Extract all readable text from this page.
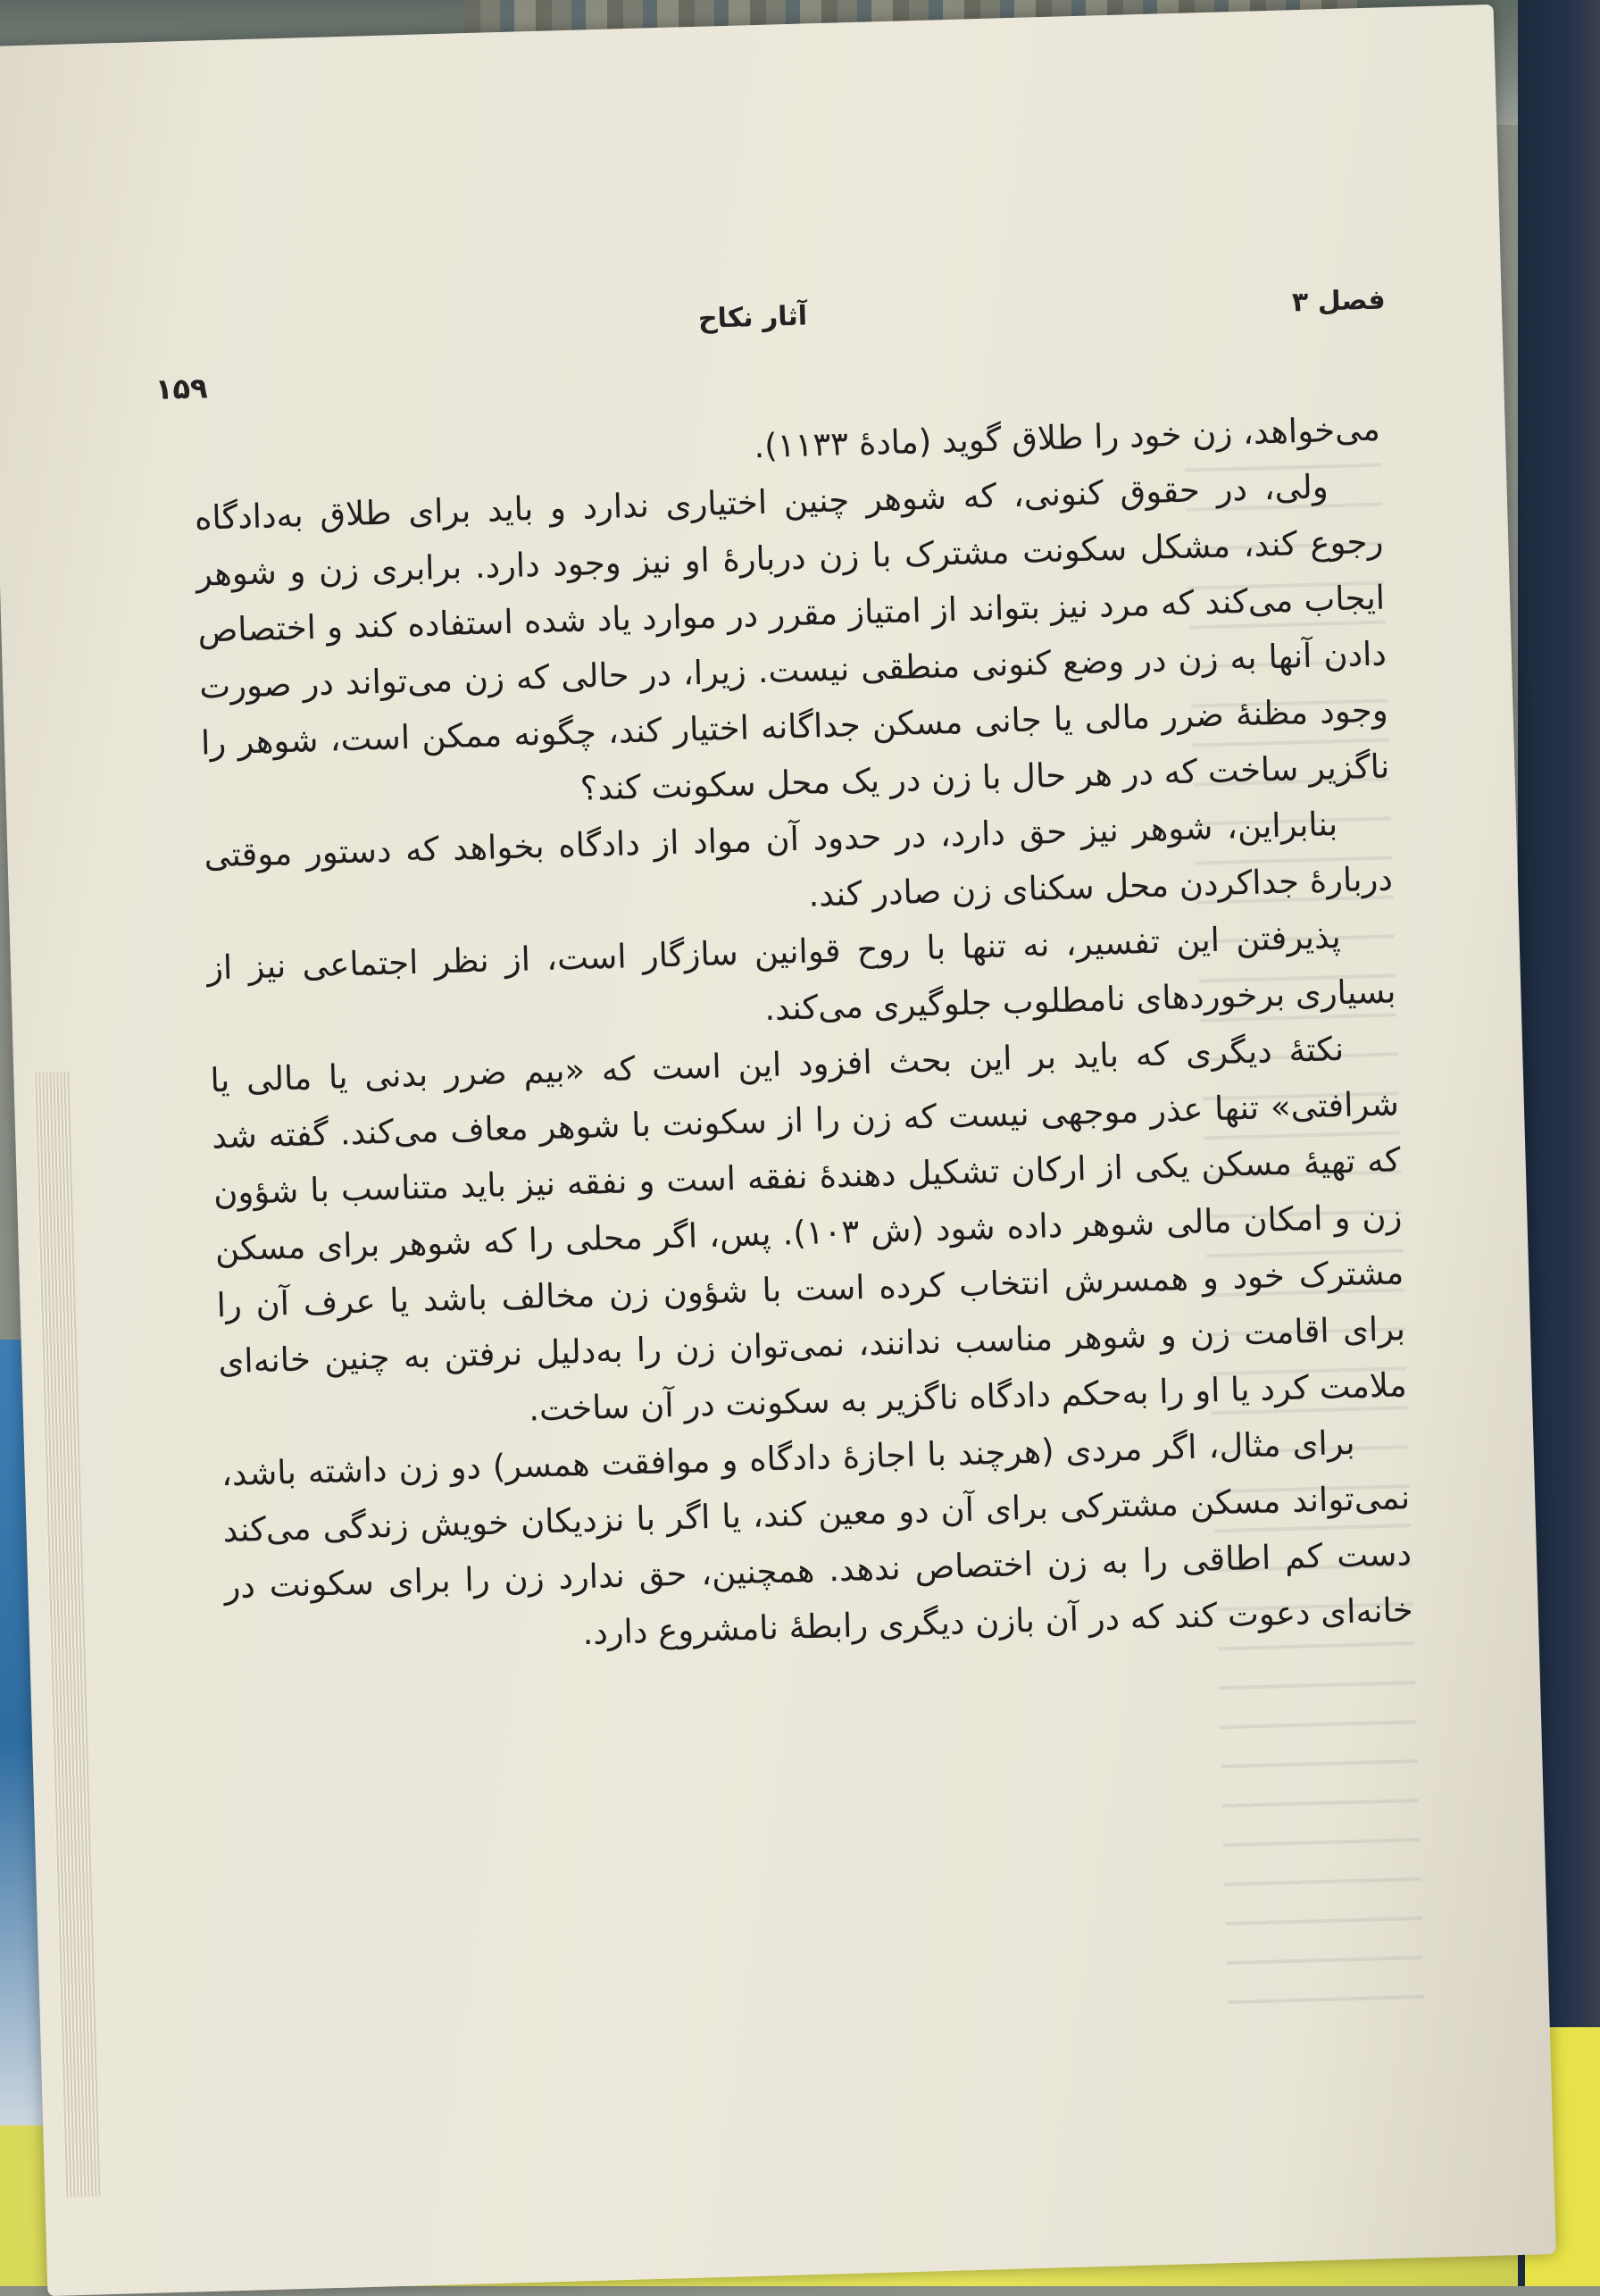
فصل ۳
آثار نکاح
۱۵۹

می‌خواهد، زن خود را طلاق گوید (مادهٔ ۱۱۳۳).

ولی، در حقوق کنونی، که شوهر چنین اختیاری ندارد و باید برای طلاق به‌دادگاه رجوع کند، مشکل سکونت مشترک با زن دربارهٔ او نیز وجود دارد. برابری زن و شوهر ایجاب می‌کند که مرد نیز بتواند از امتیاز مقرر در موارد یاد شده استفاده کند و اختصاص دادن آنها به زن در وضع کنونی منطقی نیست. زیرا، در حالی که زن می‌تواند در صورت وجود مظنهٔ ضرر مالی یا جانی مسکن جداگانه اختیار کند، چگونه ممکن است، شوهر را ناگزیر ساخت که در هر حال با زن در یک محل سکونت کند؟

بنابراین، شوهر نیز حق دارد، در حدود آن مواد از دادگاه بخواهد که دستور موقتی دربارهٔ جداکردن محل سکنای زن صادر کند.

پذیرفتن این تفسیر، نه تنها با روح قوانین سازگار است، از نظر اجتماعی نیز از بسیاری برخوردهای نامطلوب جلوگیری می‌کند.

نکتهٔ دیگری که باید بر این بحث افزود این است که «بیم ضرر بدنی یا مالی یا شرافتی» تنها عذر موجهی نیست که زن را از سکونت با شوهر معاف می‌کند. گفته شد که تهیهٔ مسکن یکی از ارکان تشکیل دهندهٔ نفقه است و نفقه نیز باید متناسب با شؤون زن و امکان مالی شوهر داده شود (ش ۱۰۳). پس، اگر محلی را که شوهر برای مسکن مشترک خود و همسرش انتخاب کرده است با شؤون زن مخالف باشد یا عرف آن را برای اقامت زن و شوهر مناسب ندانند، نمی‌توان زن را به‌دلیل نرفتن به چنین خانه‌ای ملامت کرد یا او را به‌حکم دادگاه ناگزیر به سکونت در آن ساخت.

برای مثال، اگر مردی (هرچند با اجازهٔ دادگاه و موافقت همسر) دو زن داشته باشد، نمی‌تواند مسکن مشترکی برای آن دو معین کند، یا اگر با نزدیکان خویش زندگی می‌کند دست کم اطاقی را به زن اختصاص ندهد. همچنین، حق ندارد زن را برای سکونت در خانه‌ای دعوت کند که در آن بازن دیگری رابطهٔ نامشروع دارد.
